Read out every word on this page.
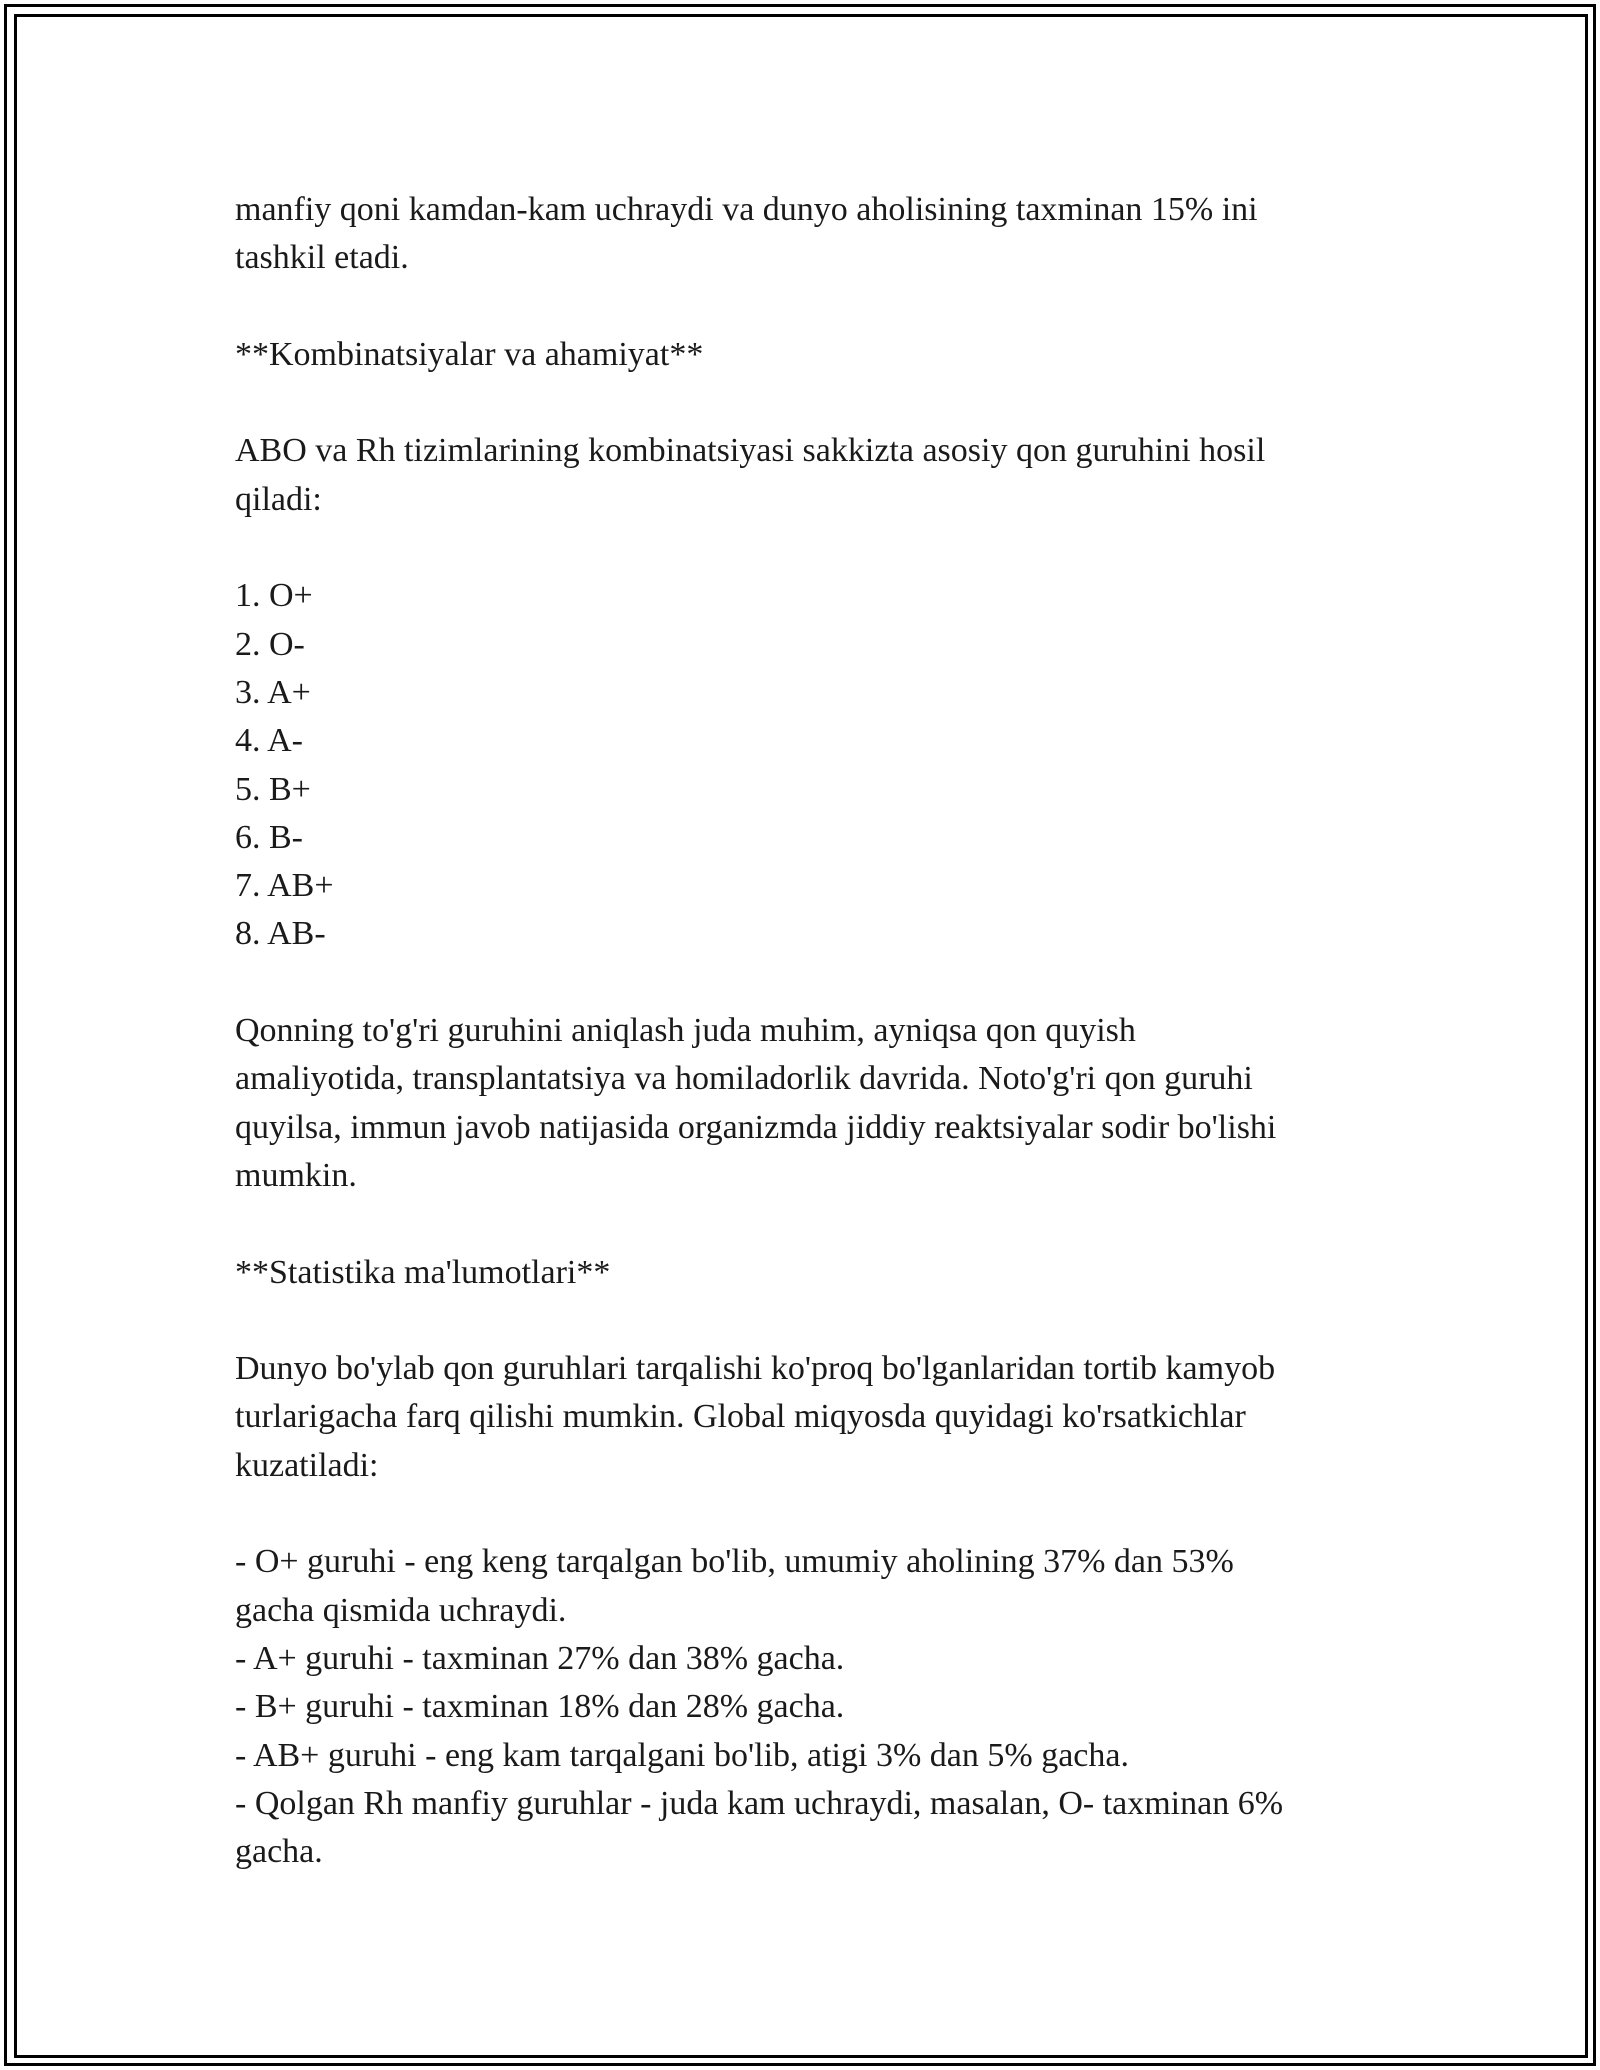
manfiy qoni kamdan-kam uchraydi va dunyo aholisining taxminan 15% ini
tashkil etadi.
**Kombinatsiyalar va ahamiyat**
ABO va Rh tizimlarining kombinatsiyasi sakkizta asosiy qon guruhini hosil
qiladi:
1. O+
2. O-
3. A+
4. A-
5. B+
6. B-
7. AB+
8. AB-
Qonning to'g'ri guruhini aniqlash juda muhim, ayniqsa qon quyish
amaliyotida, transplantatsiya va homiladorlik davrida. Noto'g'ri qon guruhi
quyilsa, immun javob natijasida organizmda jiddiy reaktsiyalar sodir bo'lishi
mumkin.
**Statistika ma'lumotlari**
Dunyo bo'ylab qon guruhlari tarqalishi ko'proq bo'lganlaridan tortib kamyob
turlarigacha farq qilishi mumkin. Global miqyosda quyidagi ko'rsatkichlar
kuzatiladi:
- O+ guruhi - eng keng tarqalgan bo'lib, umumiy aholining 37% dan 53%
gacha qismida uchraydi.
- A+ guruhi - taxminan 27% dan 38% gacha.
- B+ guruhi - taxminan 18% dan 28% gacha.
- AB+ guruhi - eng kam tarqalgani bo'lib, atigi 3% dan 5% gacha.
- Qolgan Rh manfiy guruhlar - juda kam uchraydi, masalan, O- taxminan 6%
gacha.
